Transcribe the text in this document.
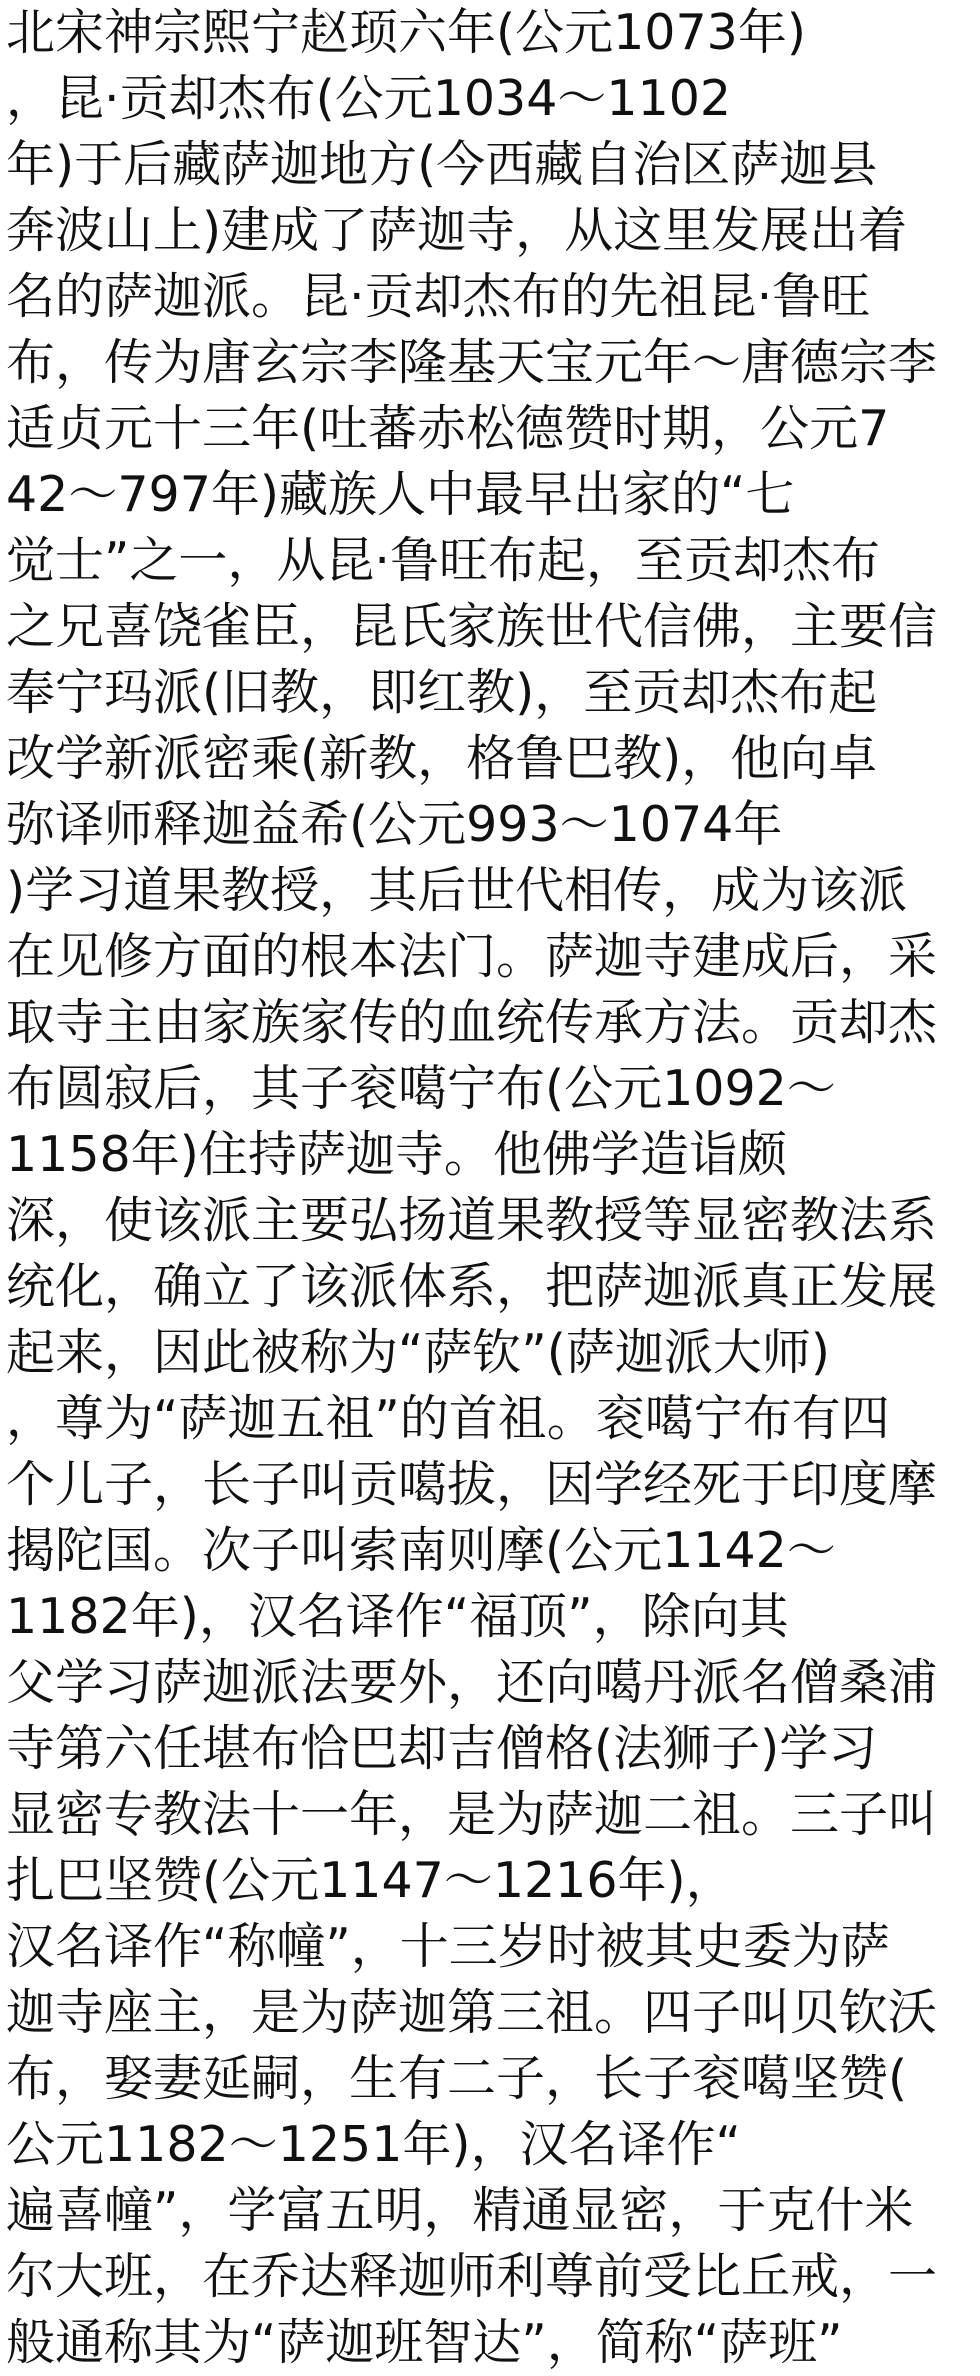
北宋神宗熙宁赵顼六年(公元1073年)
，昆·贡却杰布(公元1034～1102
年)于后藏萨迦地方(今西藏自治区萨迦县
奔波山上)建成了萨迦寺，从这里发展出着
名的萨迦派。昆·贡却杰布的先祖昆·鲁旺
布，传为唐玄宗李隆基天宝元年～唐德宗李
适贞元十三年(吐蕃赤松德赞时期，公元7
42～797年)藏族人中最早出家的“七
觉士”之一，从昆·鲁旺布起，至贡却杰布
之兄喜饶雀臣，昆氏家族世代信佛，主要信
奉宁玛派(旧教，即红教)，至贡却杰布起
改学新派密乘(新教，格鲁巴教)，他向卓
弥译师释迦益希(公元993～1074年
)学习道果教授，其后世代相传，成为该派
在见修方面的根本法门。萨迦寺建成后，采
取寺主由家族家传的血统传承方法。贡却杰
布圆寂后，其子衮噶宁布(公元1092～
1158年)住持萨迦寺。他佛学造诣颇
深，使该派主要弘扬道果教授等显密教法系
统化，确立了该派体系，把萨迦派真正发展
起来，因此被称为“萨钦”(萨迦派大师)
，尊为“萨迦五祖”的首祖。衮噶宁布有四
个儿子，长子叫贡噶拔，因学经死于印度摩
揭陀国。次子叫索南则摩(公元1142～
1182年)，汉名译作“福顶”，除向其
父学习萨迦派法要外，还向噶丹派名僧桑浦
寺第六任堪布恰巴却吉僧格(法狮子)学习
显密专教法十一年，是为萨迦二祖。三子叫
扎巴坚赞(公元1147～1216年)，
汉名译作“称幢”，十三岁时被其史委为萨
迦寺座主，是为萨迦第三祖。四子叫贝钦沃
布，娶妻延嗣，生有二子，长子衮噶坚赞(
公元1182～1251年)，汉名译作“
遍喜幢”，学富五明，精通显密，于克什米
尔大班，在乔达释迦师利尊前受比丘戒，一
般通称其为“萨迦班智达”，简称“萨班”
